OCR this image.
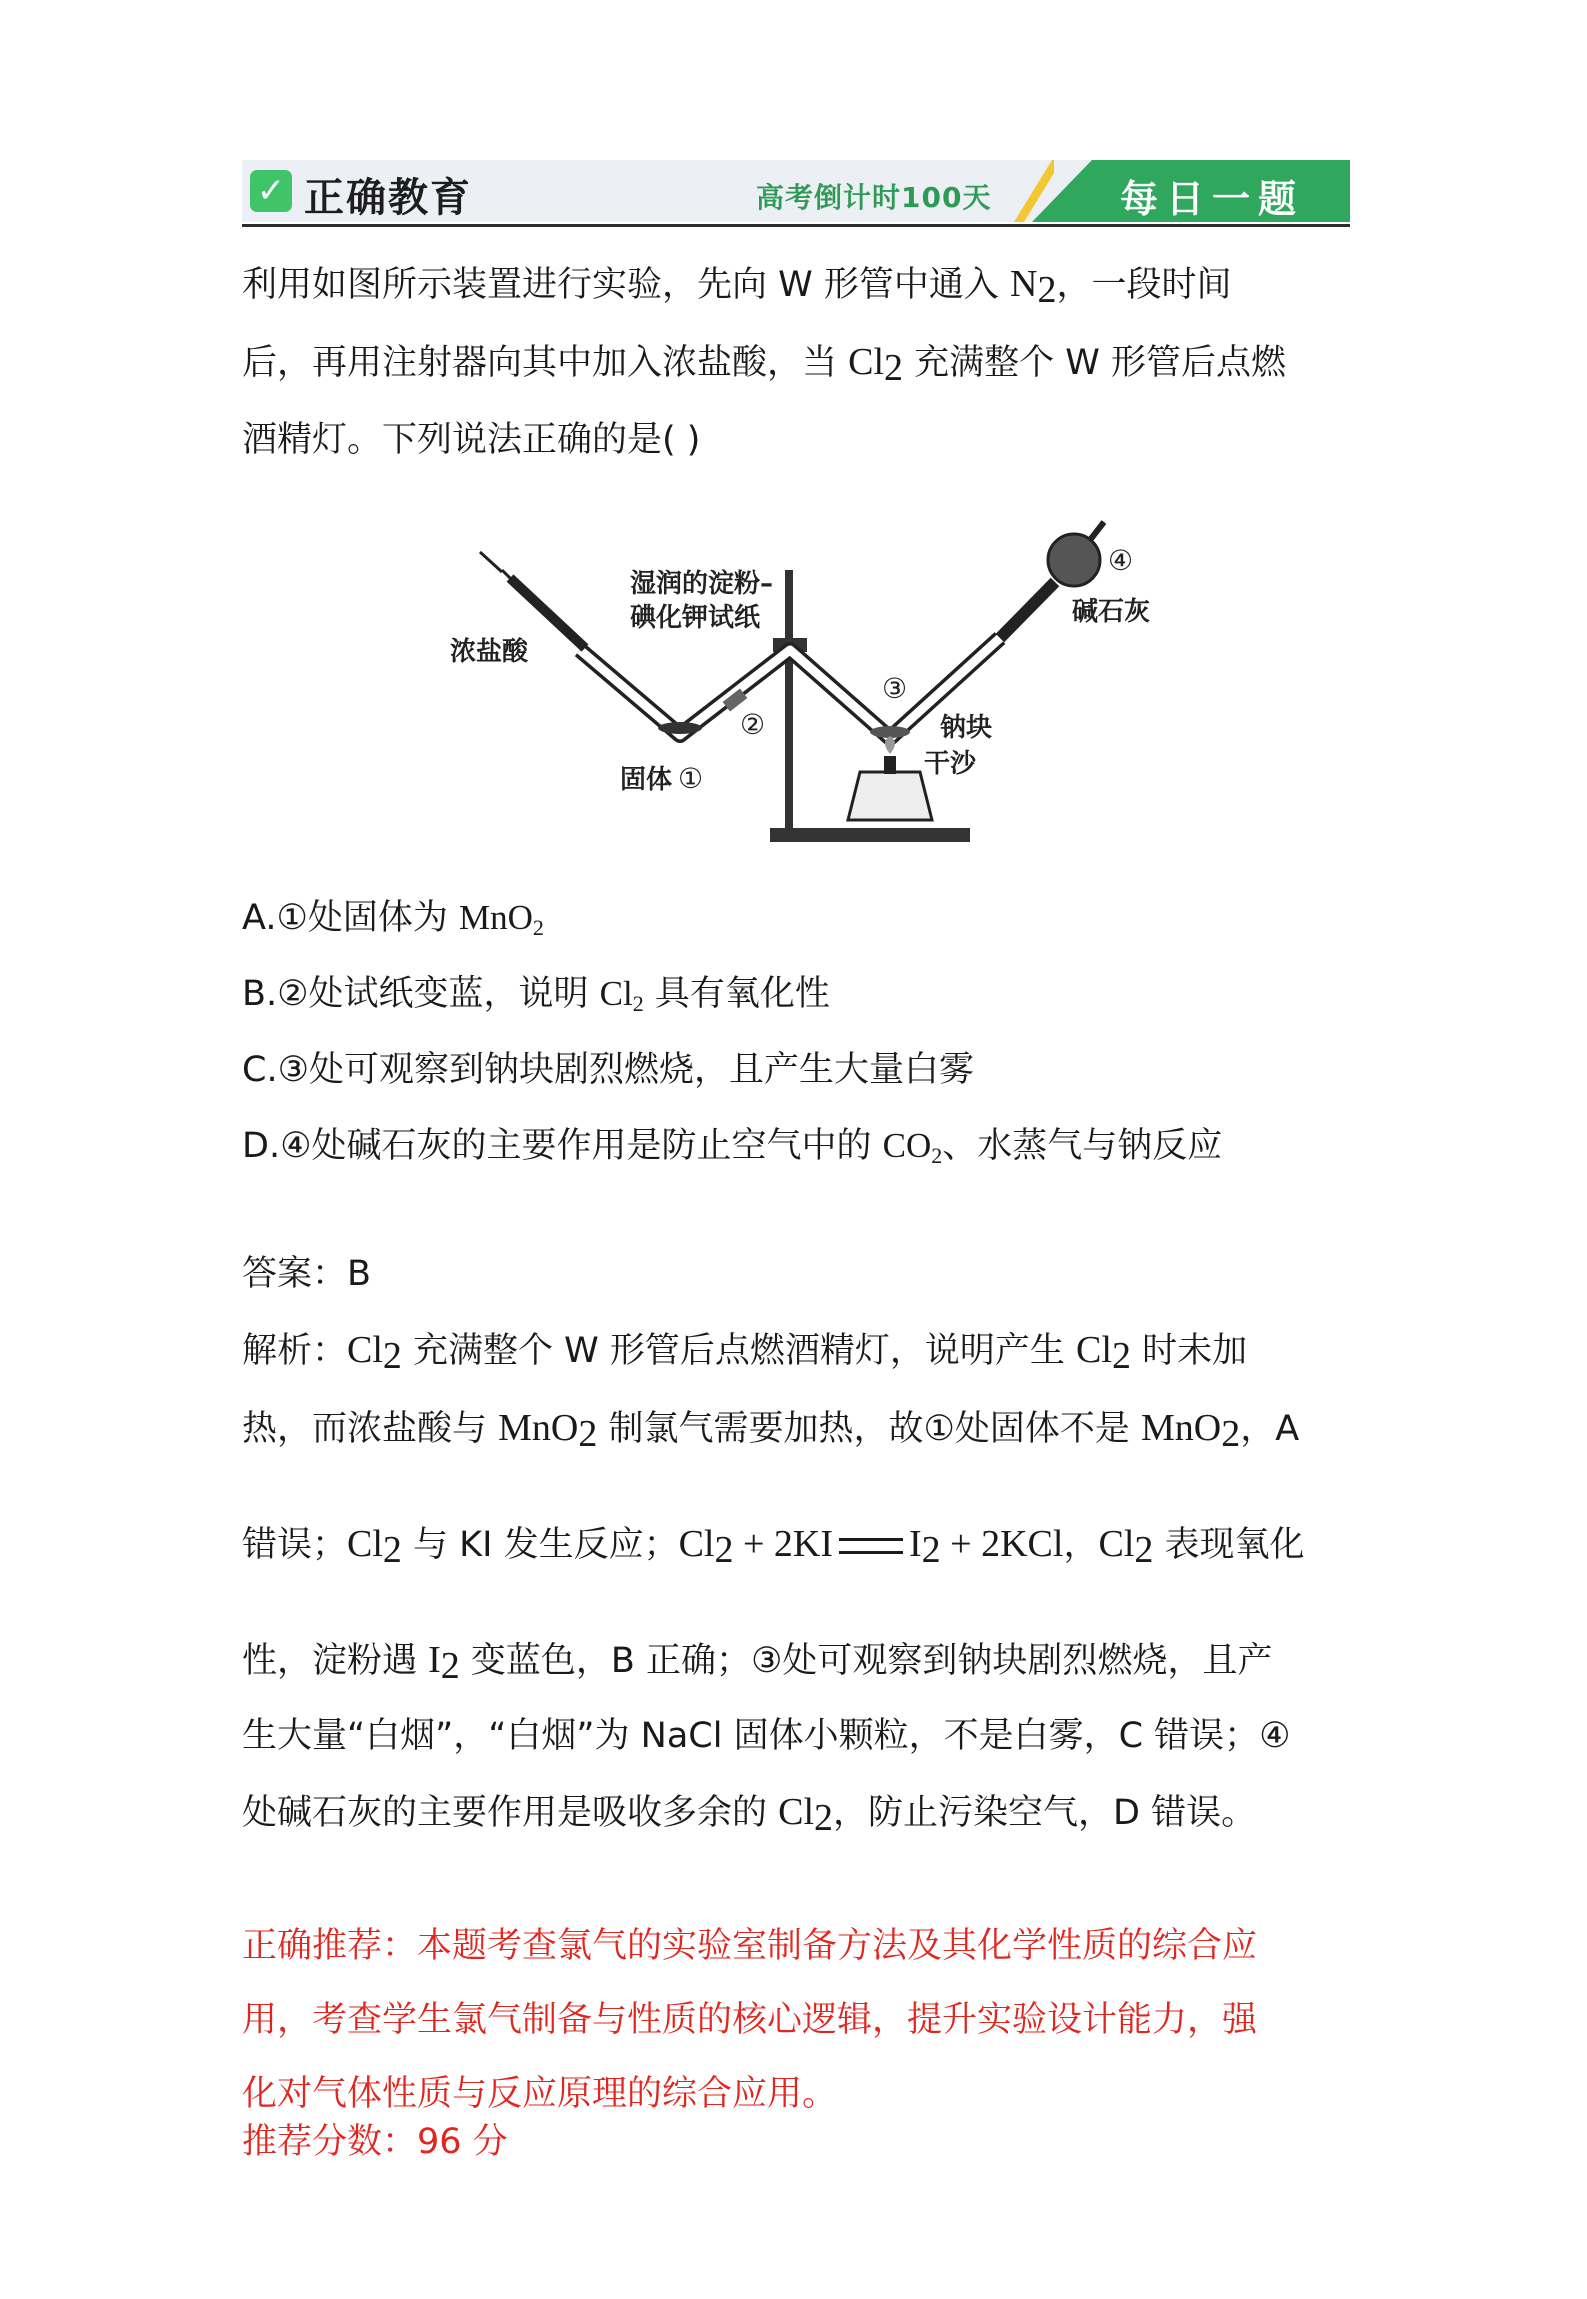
✓ 正确教育	高考倒计时100天	每日一题
利用如图所示装置进行实验，先向 W 形管中通入 $N_2$，一段时间
后，再用注射器向其中加入浓盐酸，当 $Cl_2$ 充满整个 W 形管后点燃
酒精灯。下列说法正确的是( )
浓盐酸
湿润的淀粉–
碘化钾试纸
固体 ①
②
③
④
碱石灰
钠块
干沙
A.①处固体为 MnO$_2$
B.②处试纸变蓝，说明 $Cl_2$ 具有氧化性
C.③处可观察到钠块剧烈燃烧，且产生大量白雾
D.④处碱石灰的主要作用是防止空气中的 $CO_2$、水蒸气与钠反应
答案：B
解析：$Cl_2$ 充满整个 W 形管后点燃酒精灯，说明产生 $Cl_2$ 时未加
热，而浓盐酸与 MnO$_2$ 制氯气需要加热，故①处固体不是 MnO$_2$，A
错误；$Cl_2$ 与 KI 发生反应；$Cl_2 + 2KI$ $I_2 + 2KCl$，$Cl_2$ 表现氧化
性，淀粉遇 $I_2$ 变蓝色，B 正确；③处可观察到钠块剧烈燃烧，且产
生大量“白烟”，“白烟”为 NaCl 固体小颗粒，不是白雾，C 错误；④
处碱石灰的主要作用是吸收多余的 $Cl_2$，防止污染空气，D 错误。
正确推荐：本题考查氯气的实验室制备方法及其化学性质的综合应
用，考查学生氯气制备与性质的核心逻辑，提升实验设计能力，强
化对气体性质与反应原理的综合应用。
推荐分数：96 分
